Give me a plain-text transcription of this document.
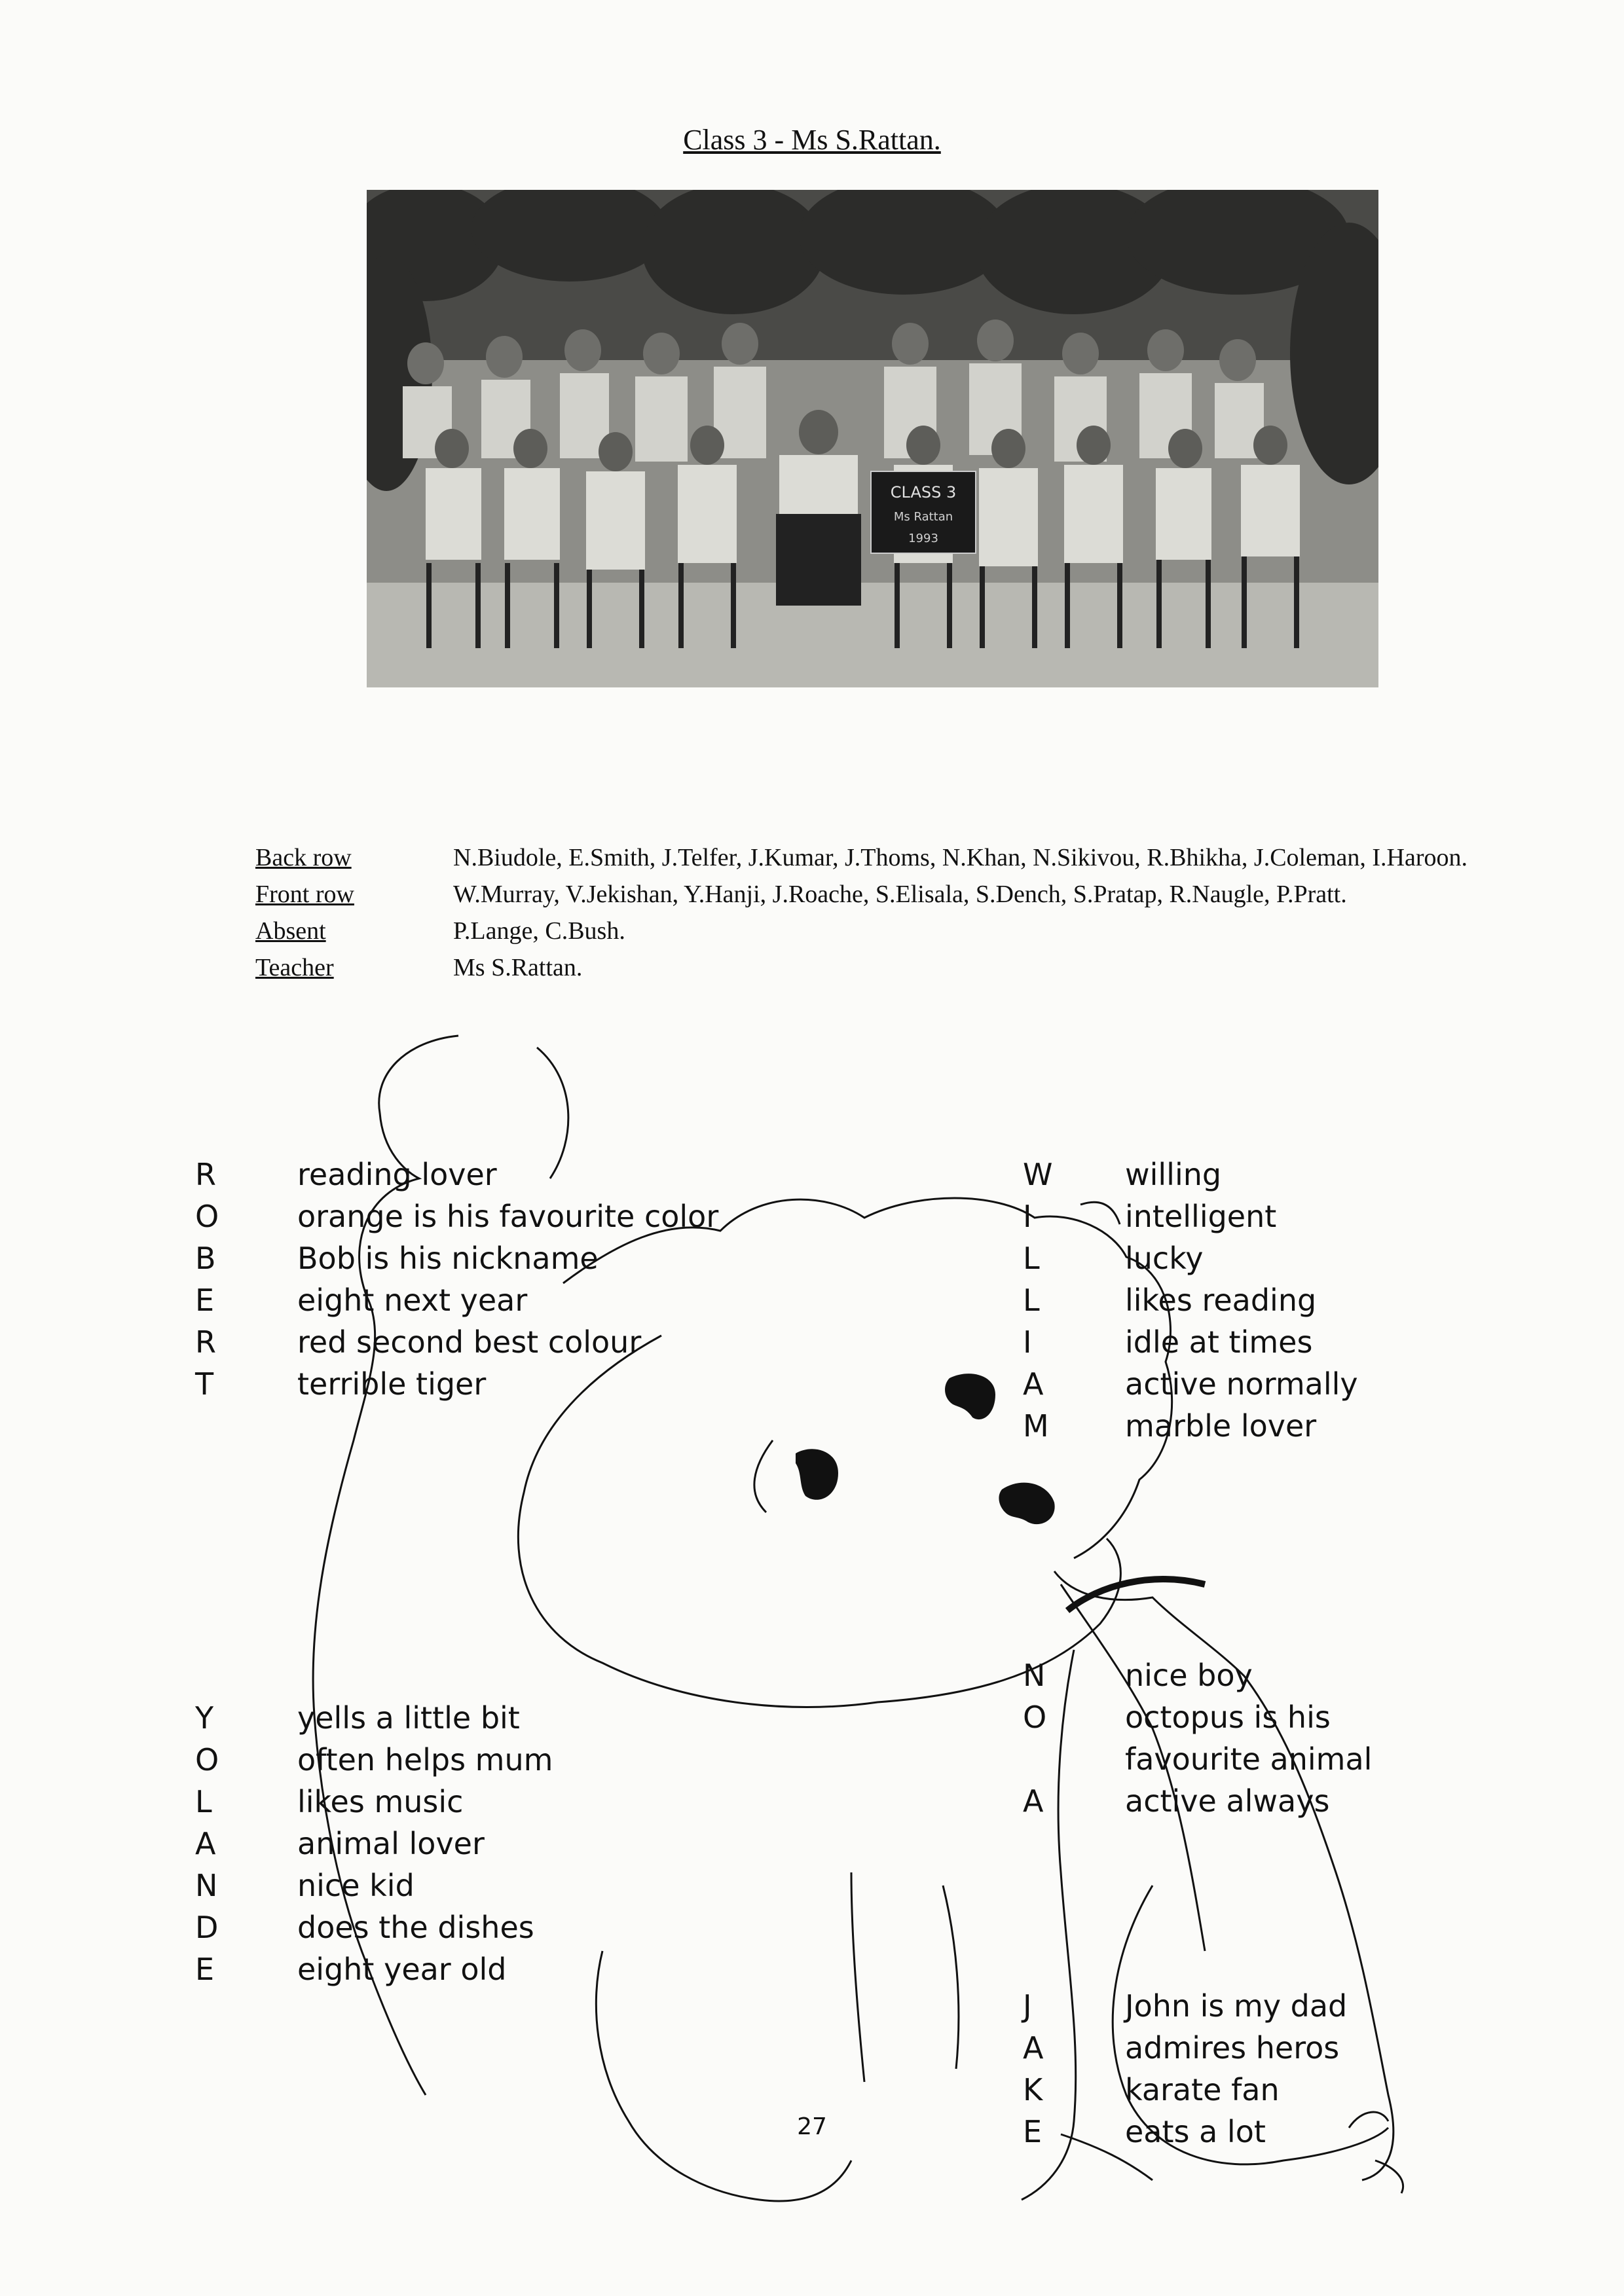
Class 3 - Ms S.Rattan.
CLASS 3
Ms Rattan
1993
Back row	N.Biudole, E.Smith, J.Telfer, J.Kumar, J.Thoms, N.Khan, N.Sikivou, R.Bhikha, J.Coleman, I.Haroon.
Front row	W.Murray, V.Jekishan, Y.Hanji, J.Roache, S.Elisala, S.Dench, S.Pratap, R.Naugle, P.Pratt.
Absent	P.Lange, C.Bush.
Teacher	Ms S.Rattan.
R	reading lover
O	orange is his favourite color
B	Bob is his nicknamе
E	eight next year
R	red second best colour
T	terrible tiger
W	willing
I	intelligent
L	lucky
L	likes reading
I	idle at times
A	active normally
M	marble lover
Y	yells a little bit
O	often helps mum
L	likes music
A	animal lover
N	nice kid
D	does the dishes
E	eight year old
N	nice boy
O	octopus is his
favourite animal
A	active always
J	John is my dad
A	admires heros
K	karate fan
E	eats a lot
27
